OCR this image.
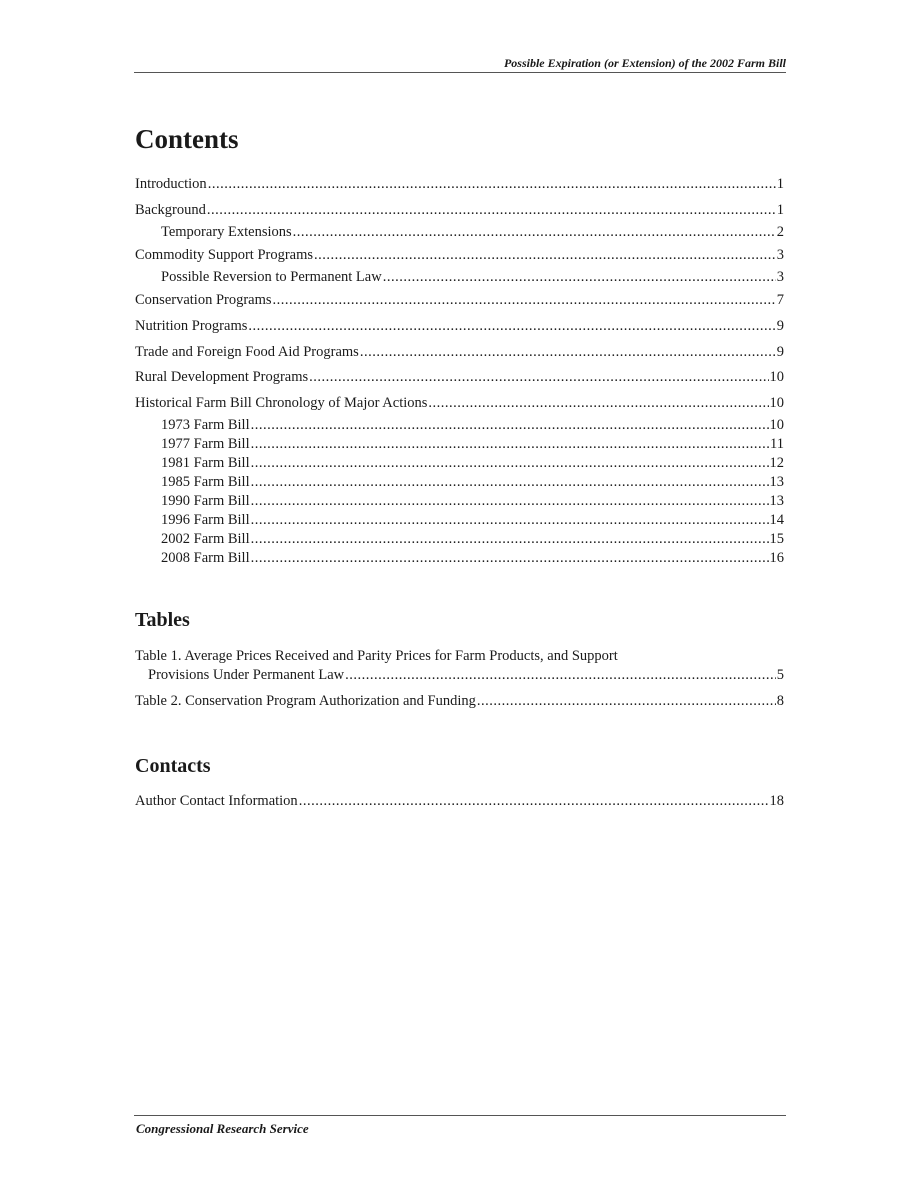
Possible Expiration (or Extension) of the 2002 Farm Bill
Contents
Introduction .....	1
Background .....	1
Temporary Extensions .....	2
Commodity Support Programs .....	3
Possible Reversion to Permanent Law .....	3
Conservation Programs .....	7
Nutrition Programs .....	9
Trade and Foreign Food Aid Programs .....	9
Rural Development Programs .....	10
Historical Farm Bill Chronology of Major Actions .....	10
1973 Farm Bill .....	10
1977 Farm Bill .....	11
1981 Farm Bill .....	12
1985 Farm Bill .....	13
1990 Farm Bill .....	13
1996 Farm Bill .....	14
2002 Farm Bill .....	15
2008 Farm Bill .....	16
Tables
Table 1. Average Prices Received and Parity Prices for Farm Products, and Support
Provisions Under Permanent Law .....	5
Table 2. Conservation Program Authorization and Funding .....	8
Contacts
Author Contact Information .....	18
Congressional Research Service
